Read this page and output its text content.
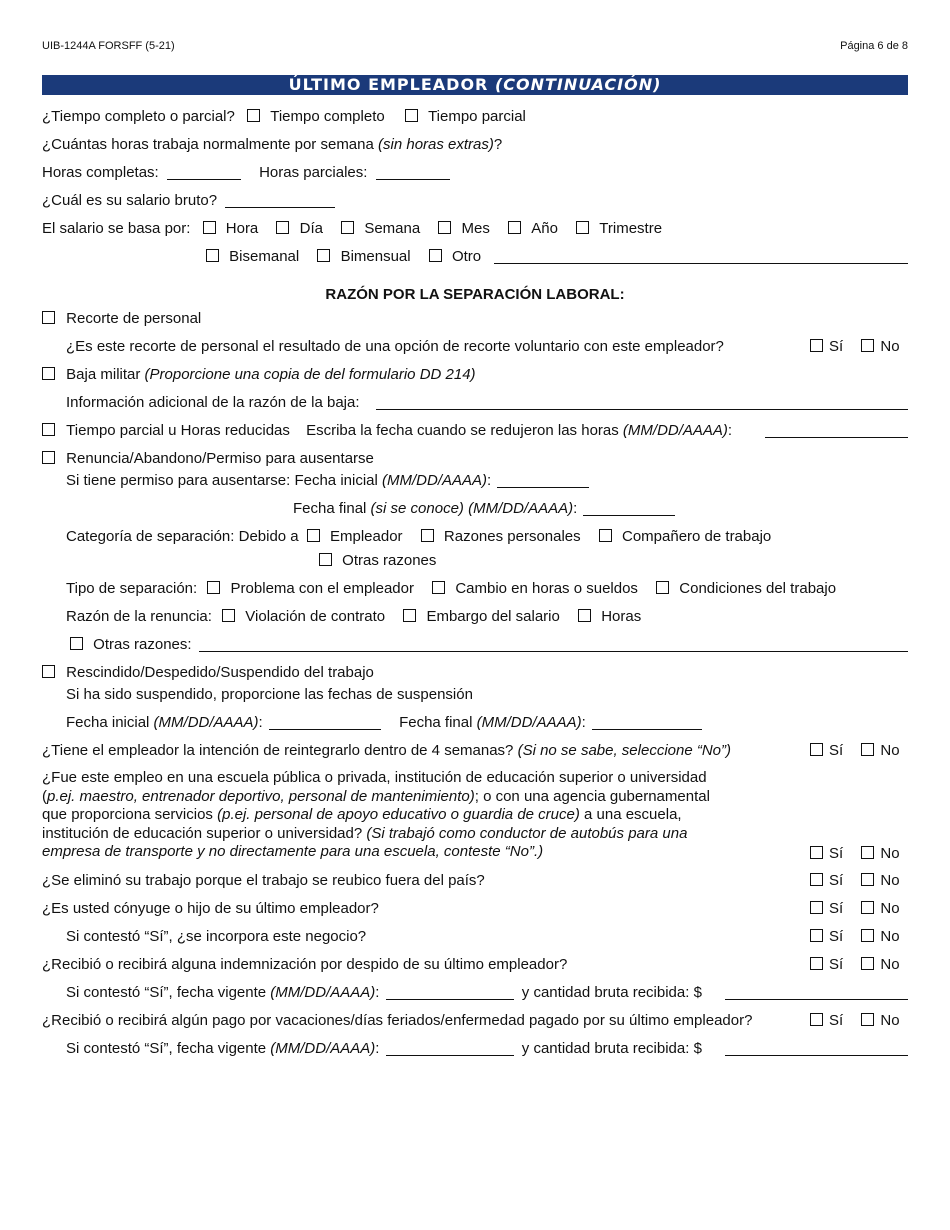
UIB-1244A FORSFF (5-21)	Página 6 de 8
ÚLTIMO EMPLEADOR (CONTINUACIÓN)
¿Tiempo completo o parcial? Tiempo completo	Tiempo parcial
¿Cuántas horas trabaja normalmente por semana (sin horas extras)?
Horas completas:	Horas parciales:
¿Cuál es su salario bruto?
El salario se basa por: Hora	Día	Semana	Mes	Año	Trimestre
Bisemanal	Bimensual	Otro
RAZÓN POR LA SEPARACIÓN LABORAL:
Recorte de personal
¿Es este recorte de personal el resultado de una opción de recorte voluntario con este empleador?	Sí No
Baja militar (Proporcione una copia de del formulario DD 214)
Información adicional de la razón de la baja:
Tiempo parcial u Horas reducidas Escriba la fecha cuando se redujeron las horas (MM/DD/AAAA):
Renuncia/Abandono/Permiso para ausentarse
Si tiene permiso para ausentarse: Fecha inicial (MM/DD/AAAA):
Fecha final (si se conoce) (MM/DD/AAAA):
Categoría de separación: Debido a Empleador	Razones personales	Compañero de trabajo
Otras razones
Tipo de separación: Problema con el empleador	Cambio en horas o sueldos	Condiciones del trabajo
Razón de la renuncia: Violación de contrato	Embargo del salario	Horas
Otras razones:
Rescindido/Despedido/Suspendido del trabajo
Si ha sido suspendido, proporcione las fechas de suspensión
Fecha inicial (MM/DD/AAAA):	Fecha final (MM/DD/AAAA):
¿Tiene el empleador la intención de reintegrarlo dentro de 4 semanas? (Si no se sabe, seleccione “No”)	Sí No
¿Fue este empleo en una escuela pública o privada, institución de educación superior o universidad
(p.ej. maestro, entrenador deportivo, personal de mantenimiento); o con una agencia gubernamental
que proporciona servicios (p.ej. personal de apoyo educativo o guardia de cruce) a una escuela,
institución de educación superior o universidad? (Si trabajó como conductor de autobús para una
empresa de transporte y no directamente para una escuela, conteste “No”.)	Sí No
¿Se eliminó su trabajo porque el trabajo se reubico fuera del país?	Sí No
¿Es usted cónyuge o hijo de su último empleador?	Sí No
Si contestó “Sí”, ¿se incorpora este negocio?	Sí No
¿Recibió o recibirá alguna indemnización por despido de su último empleador?	Sí No
Si contestó “Sí”, fecha vigente (MM/DD/AAAA):	y cantidad bruta recibida: $
¿Recibió o recibirá algún pago por vacaciones/días feriados/enfermedad pagado por su último empleador?	Sí No
Si contestó “Sí”, fecha vigente (MM/DD/AAAA):	y cantidad bruta recibida: $
